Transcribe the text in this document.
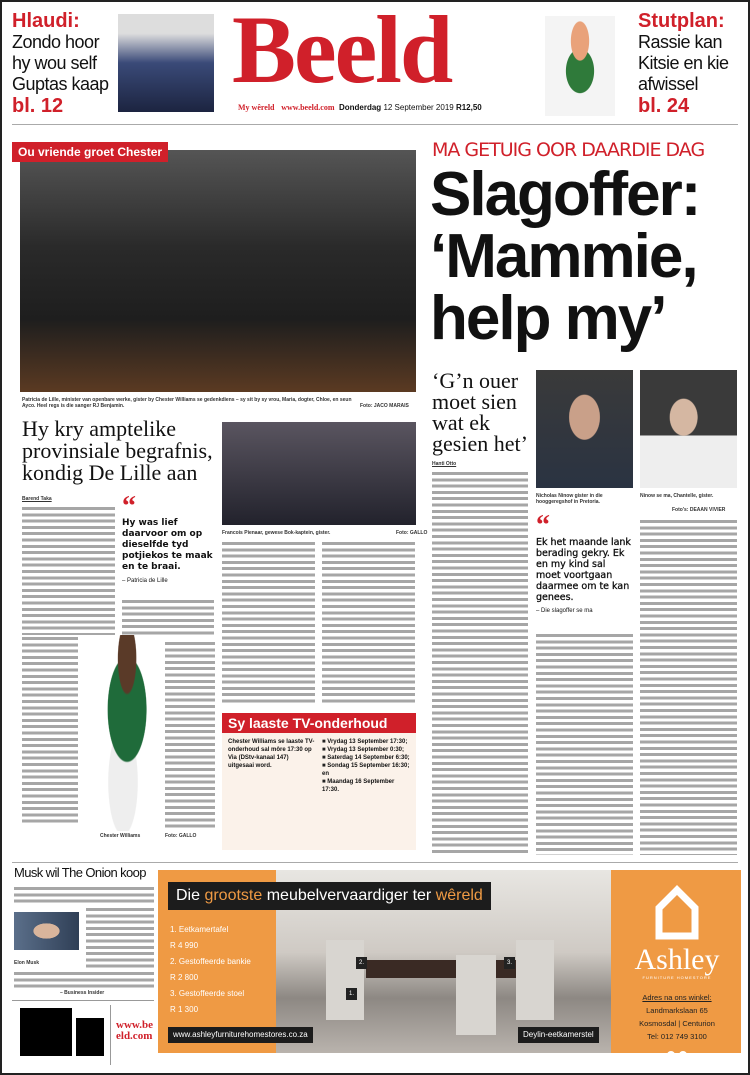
Hlaudi:
Zondo hoor hy wou self Guptas kaap
bl. 12
Beeld
My wêreld www.beeld.com Donderdag 12 September 2019 R12,50
Stutplan:
Rassie kan Kitsie en kie afwissel
bl. 24
Ou vriende groet Chester
Patricia de Lille, minister van openbare werke, gister by Chester Williams se gedenkdiens – sy sit by sy vrou, Maria, dogter, Chloe, en seun Ayco. Heel regs is die sanger RJ Benjamin.	Foto: JACO MARAIS
Hy kry amptelike provinsiale begrafnis, kondig De Lille aan
Francois Pienaar, gewese Bok-kaptein, gister.	Foto: GALLO
Barend Taka	“
Hy was lief daarvoor om op dieselfde tyd potjiekos te maak en te braai.
– Patricia de Lille
Chester Williams	Foto: GALLO
Sy laaste TV-onderhoud
Chester Williams se laaste TV-onderhoud sal môre 17:30 op Via (DStv-kanaal 147) uitgesaai word.
■ Vrydag 13 September 17:30;
■ Vrydag 13 September 0:30;
■ Saterdag 14 September 6:30;
■ Sondag 15 September 16:30; en
■ Maandag 16 September 17:30.
MA GETUIG OOR DAARDIE DAG
Slagoffer: ‘Mammie, help my’
‘G’n ouer moet sien wat ek gesien het’
Hanti Otto
Nicholas Ninow gister in die hooggeregshof in Pretoria.
Ninow se ma, Chantelle, gister.
Foto's: DEAAN VIVIER
“
Ek het maande lank berading gekry. Ek en my kind sal moet voortgaan daarmee om te kan genees.
– Die slagoffer se ma
Musk wil The Onion koop
Elon Musk
– Business Insider
www.beeld.com
Die grootste meubelvervaardiger ter wêreld
1. Eetkamertafel
R 4 990
2. Gestoffeerde bankie
R 2 800
3. Gestoffeerde stoel
R 1 300
1.
2.	3.
www.ashleyfurniturehomestores.co.za	Deylin-eetkamerstel
Ashley
FURNITURE HOMESTORE
Adres na ons winkel:
Landmarkslaan 65
Kosmosdal | Centurion
Tel: 012 749 3100
